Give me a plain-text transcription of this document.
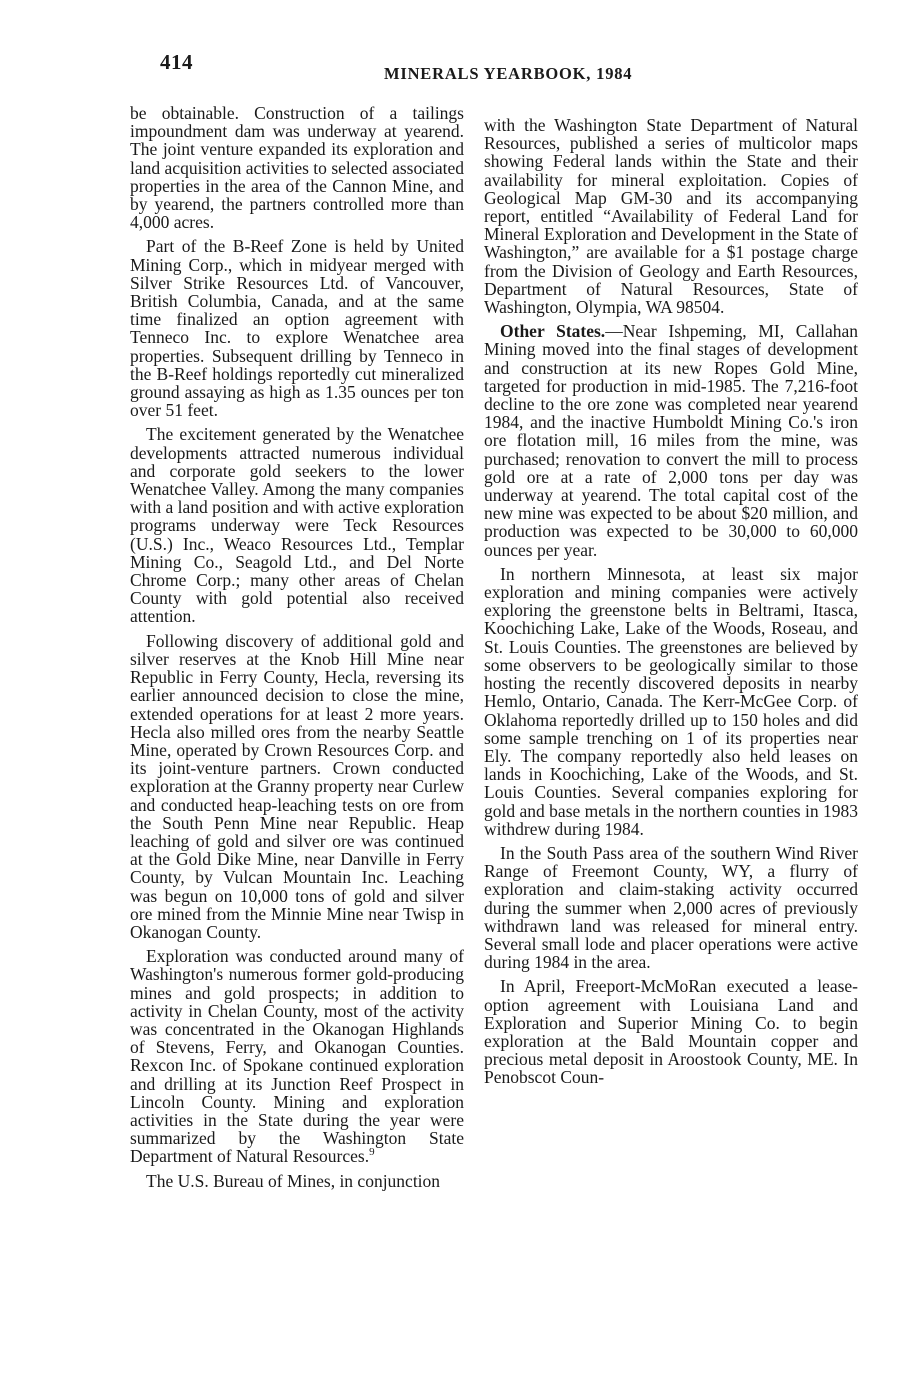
414	MINERALS YEARBOOK, 1984

be obtainable. Construction of a tailings impoundment dam was underway at yearend. The joint venture expanded its exploration and land acquisition activities to selected associated properties in the area of the Cannon Mine, and by yearend, the partners controlled more than 4,000 acres.

Part of the B-Reef Zone is held by United Mining Corp., which in midyear merged with Silver Strike Resources Ltd. of Vancouver, British Columbia, Canada, and at the same time finalized an option agreement with Tenneco Inc. to explore Wenatchee area properties. Subsequent drilling by Tenneco in the B-Reef holdings reportedly cut mineralized ground assaying as high as 1.35 ounces per ton over 51 feet.

The excitement generated by the Wenatchee developments attracted numerous individual and corporate gold seekers to the lower Wenatchee Valley. Among the many companies with a land position and with active exploration programs underway were Teck Resources (U.S.) Inc., Weaco Resources Ltd., Templar Mining Co., Seagold Ltd., and Del Norte Chrome Corp.; many other areas of Chelan County with gold potential also received attention.

Following discovery of additional gold and silver reserves at the Knob Hill Mine near Republic in Ferry County, Hecla, reversing its earlier announced decision to close the mine, extended operations for at least 2 more years. Hecla also milled ores from the nearby Seattle Mine, operated by Crown Resources Corp. and its joint-venture partners. Crown conducted exploration at the Granny property near Curlew and conducted heap-leaching tests on ore from the South Penn Mine near Republic. Heap leaching of gold and silver ore was continued at the Gold Dike Mine, near Danville in Ferry County, by Vulcan Mountain Inc. Leaching was begun on 10,000 tons of gold and silver ore mined from the Minnie Mine near Twisp in Okanogan County.

Exploration was conducted around many of Washington's numerous former gold-producing mines and gold prospects; in addition to activity in Chelan County, most of the activity was concentrated in the Okanogan Highlands of Stevens, Ferry, and Okanogan Counties. Rexcon Inc. of Spokane continued exploration and drilling at its Junction Reef Prospect in Lincoln County. Mining and exploration activities in the State during the year were summarized by the Washington State Department of Natural Resources.$^9$

The U.S. Bureau of Mines, in conjunction

with the Washington State Department of Natural Resources, published a series of multicolor maps showing Federal lands within the State and their availability for mineral exploitation. Copies of Geological Map GM-30 and its accompanying report, entitled “Availability of Federal Land for Mineral Exploration and Development in the State of Washington,” are available for a $1 postage charge from the Division of Geology and Earth Resources, Department of Natural Resources, State of Washington, Olympia, WA 98504.

Other States.—Near Ishpeming, MI, Callahan Mining moved into the final stages of development and construction at its new Ropes Gold Mine, targeted for production in mid-1985. The 7,216-foot decline to the ore zone was completed near yearend 1984, and the inactive Humboldt Mining Co.'s iron ore flotation mill, 16 miles from the mine, was purchased; renovation to convert the mill to process gold ore at a rate of 2,000 tons per day was underway at yearend. The total capital cost of the new mine was expected to be about $20 million, and production was expected to be 30,000 to 60,000 ounces per year.

In northern Minnesota, at least six major exploration and mining companies were actively exploring the greenstone belts in Beltrami, Itasca, Koochiching Lake, Lake of the Woods, Roseau, and St. Louis Counties. The greenstones are believed by some observers to be geologically similar to those hosting the recently discovered deposits in nearby Hemlo, Ontario, Canada. The Kerr-McGee Corp. of Oklahoma reportedly drilled up to 150 holes and did some sample trenching on 1 of its properties near Ely. The company reportedly also held leases on lands in Koochiching, Lake of the Woods, and St. Louis Counties. Several companies exploring for gold and base metals in the northern counties in 1983 withdrew during 1984.

In the South Pass area of the southern Wind River Range of Freemont County, WY, a flurry of exploration and claim-staking activity occurred during the summer when 2,000 acres of previously withdrawn land was released for mineral entry. Several small lode and placer operations were active during 1984 in the area.

In April, Freeport-McMoRan executed a lease-option agreement with Louisiana Land and Exploration and Superior Mining Co. to begin exploration at the Bald Mountain copper and precious metal deposit in Aroostook County, ME. In Penobscot Coun-
